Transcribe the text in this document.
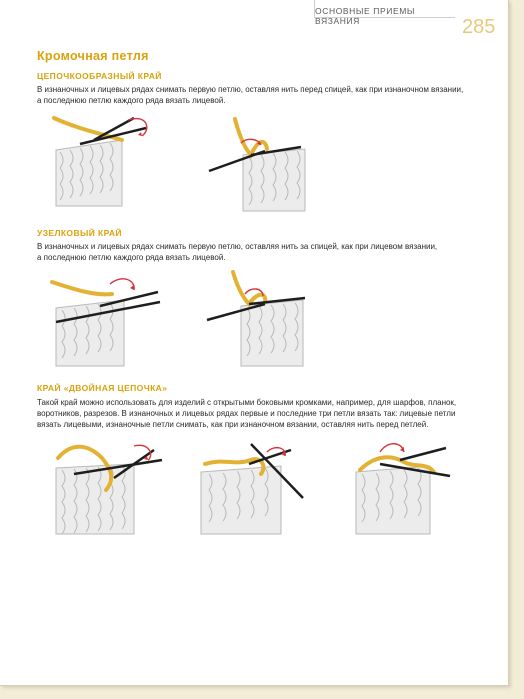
ОСНОВНЫЕ ПРИЕМЫ ВЯЗАНИЯ	285
Кромочная петля
ЦЕПОЧКООБРАЗНЫЙ КРАЙ
В изнаночных и лицевых рядах снимать первую петлю, оставляя нить перед спицей, как при изнаночном вязании,
а последнюю петлю каждого ряда вязать лицевой.
УЗЕЛКОВЫЙ КРАЙ
В изнаночных и лицевых рядах снимать первую петлю, оставляя нить за спицей, как при лицевом вязании,
а последнюю петлю каждого ряда вязать лицевой.
КРАЙ «ДВОЙНАЯ ЦЕПОЧКА»
Такой край можно использовать для изделий с открытыми боковыми кромками, например, для шарфов, планок,
воротников, разрезов. В изнаночных и лицевых рядах первые и последние три петли вязать так: лицевые петли
вязать лицевыми, изнаночные петли снимать, как при изнаночном вязании, оставляя нить перед петлей.
